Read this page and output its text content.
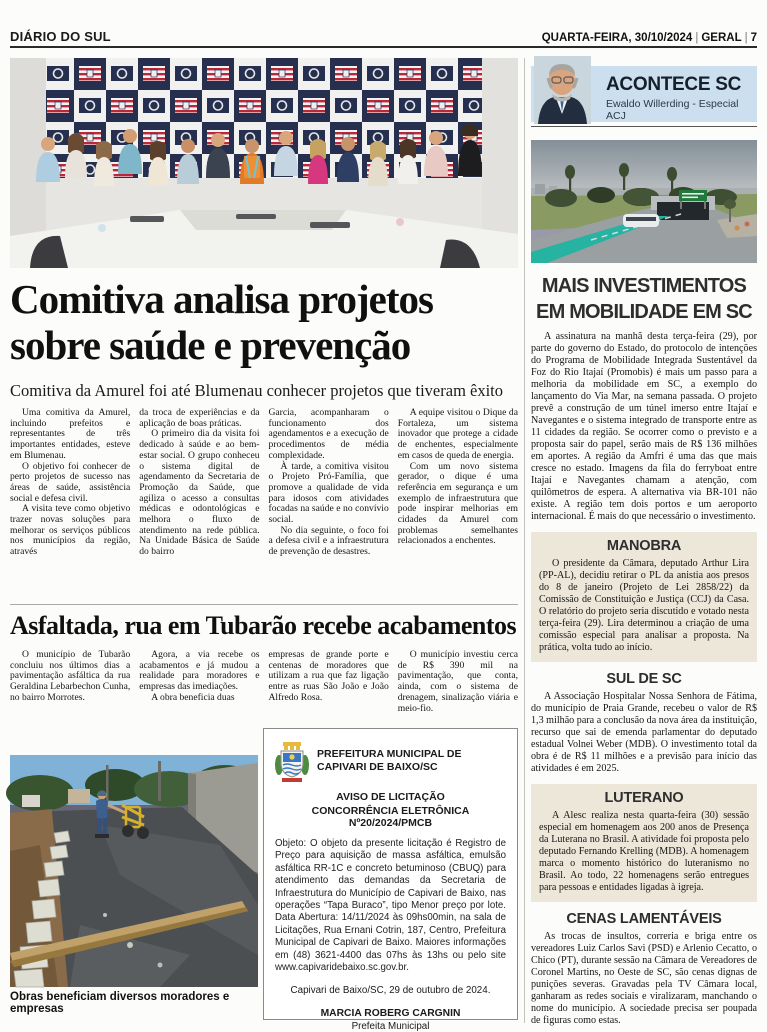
DIÁRIO DO SUL	QUARTA-FEIRA, 30/10/2024 | GERAL | 7
Comitiva analisa projetos sobre saúde e prevenção
Comitiva da Amurel foi até Blumenau conhecer projetos que tiveram êxito

Uma comitiva da Amurel, incluindo prefeitos e representantes de três importantes entidades, esteve em Blumenau.

O objetivo foi conhecer de perto projetos de sucesso nas áreas de saúde, assistência social e defesa civil.

A visita teve como objetivo trazer novas soluções para melhorar os serviços públicos nos municípios da região, através

da troca de experiências e da aplicação de boas práticas.

O primeiro dia da visita foi dedicado à saúde e ao bem-estar social. O grupo conheceu o sistema digital de agendamento da Secretaria de Promoção da Saúde, que agiliza o acesso a consultas médicas e odontológicas e melhora o fluxo de atendimento na rede pública. Na Unidade Básica de Saúde do bairro

Garcia, acompanharam o funcionamento dos agendamentos e a execução de procedimentos de média complexidade.

À tarde, a comitiva visitou o Projeto Pró-Família, que promove a qualidade de vida para idosos com atividades focadas na saúde e no convívio social.

No dia seguinte, o foco foi a defesa civil e a infraestrutura de prevenção de desastres.

A equipe visitou o Dique da Fortaleza, um sistema inovador que protege a cidade de enchentes, especialmente em casos de queda de energia.

Com um novo sistema gerador, o dique é uma referência em segurança e um exemplo de infraestrutura que pode inspirar melhorias em cidades da Amurel com problemas semelhantes relacionados a enchentes.

Asfaltada, rua em Tubarão recebe acabamentos

O município de Tubarão concluiu nos últimos dias a pavimentação asfáltica da rua Geraldina Lebarbechon Cunha, no bairro Morrotes.

Agora, a via recebe os acabamentos e já mudou a realidade para moradores e empresas das imediações.

A obra beneficia duas

empresas de grande porte e centenas de moradores que utilizam a rua que faz ligação entre as ruas São João e João Alfredo Rosa.

O município investiu cerca de R$ 390 mil na pavimentação, que conta, ainda, com o sistema de drenagem, sinalização viária e meio-fio.

Obras beneficiam diversos moradores e empresas
PREFEITURA MUNICIPAL DE CAPIVARI DE BAIXO/SC
AVISO DE LICITAÇÃO
CONCORRÊNCIA ELETRÔNICA Nº20/2024/PMCB
Objeto: O objeto da presente licitação é Registro de Preço para aquisição de massa asfáltica, emulsão asfáltica RR-1C e concreto betuminoso (CBUQ) para atendimento das demandas da Secretaria de Infraestrutura do Município de Capivari de Baixo, nas operações “Tapa Buraco”, tipo Menor preço por lote. Data Abertura: 14/11/2024 às 09hs00min, na sala de Licitações, Rua Ernani Cotrin, 187, Centro, Prefeitura Municipal de Capivari de Baixo. Maiores informações em (48) 3621-4400 das 07hs às 13hs ou pelo site www.capivaridebaixo.sc.gov.br.
Capivari de Baixo/SC, 29 de outubro de 2024.
MARCIA ROBERG CARGNIN
Prefeita Municipal
ACONTECE SC
Ewaldo Willerding - Especial ACJ
MAIS INVESTIMENTOS EM MOBILIDADE EM SC

A assinatura na manhã desta terça-feira (29), por parte do governo do Estado, do protocolo de intenções do Programa de Mobilidade Integrada Sustentável da Foz do Rio Itajaí (Promobis) é mais um passo para a melhoria da mobilidade em SC, a exemplo do lançamento do Via Mar, na semana passada. O projeto prevê a construção de um túnel imerso entre Itajaí e Navegantes e o sistema integrado de transporte entre as 11 cidades da região. Se ocorrer como o previsto e a proposta sair do papel, serão mais de R$ 136 milhões em aportes. A região da Amfri é uma das que mais cresce no estado. Imagens da fila do ferryboat entre Itajaí e Navegantes chamam a atenção, com quilômetros de espera. A alternativa via BR-101 não existe. A região tem dois portos e um aeroporto internacional. É mais do que necessário o investimento.

MANOBRA

O presidente da Câmara, deputado Arthur Lira (PP-AL), decidiu retirar o PL da anistia aos presos do 8 de janeiro (Projeto de Lei 2858/22) da Comissão de Constituição e Justiça (CCJ) da Casa. O relatório do projeto seria discutido e votado nesta terça-feira (29). Lira determinou a criação de uma comissão especial para analisar a proposta. Na prática, volta tudo ao início.

SUL DE SC

A Associação Hospitalar Nossa Senhora de Fátima, do município de Praia Grande, recebeu o valor de R$ 1,3 milhão para a conclusão da nova área da instituição, recurso que sai de emenda parlamentar do deputado estadual Volnei Weber (MDB). O investimento total da obra é de R$ 11 milhões e a previsão para início das atividades é em 2025.

LUTERANO

A Alesc realiza nesta quarta-feira (30) sessão especial em homenagem aos 200 anos de Presença da Luterana no Brasil. A atividade foi proposta pelo deputado Fernando Krelling (MDB). A homenagem marca o momento histórico do luteranismo no Brasil. Ao todo, 22 homenagens serão entregues para pessoas e entidades ligadas à igreja.

CENAS LAMENTÁVEIS

As trocas de insultos, correria e briga entre os vereadores Luiz Carlos Savi (PSD) e Arlenio Cecatto, o Chico (PT), durante sessão na Câmara de Vereadores de Coronel Martins, no Oeste de SC, são cenas dignas de punições severas. Gravadas pela TV Câmara local, ganharam as redes sociais e viralizaram, manchando o nome do município. A sociedade precisa ser poupada de figuras como estas.
